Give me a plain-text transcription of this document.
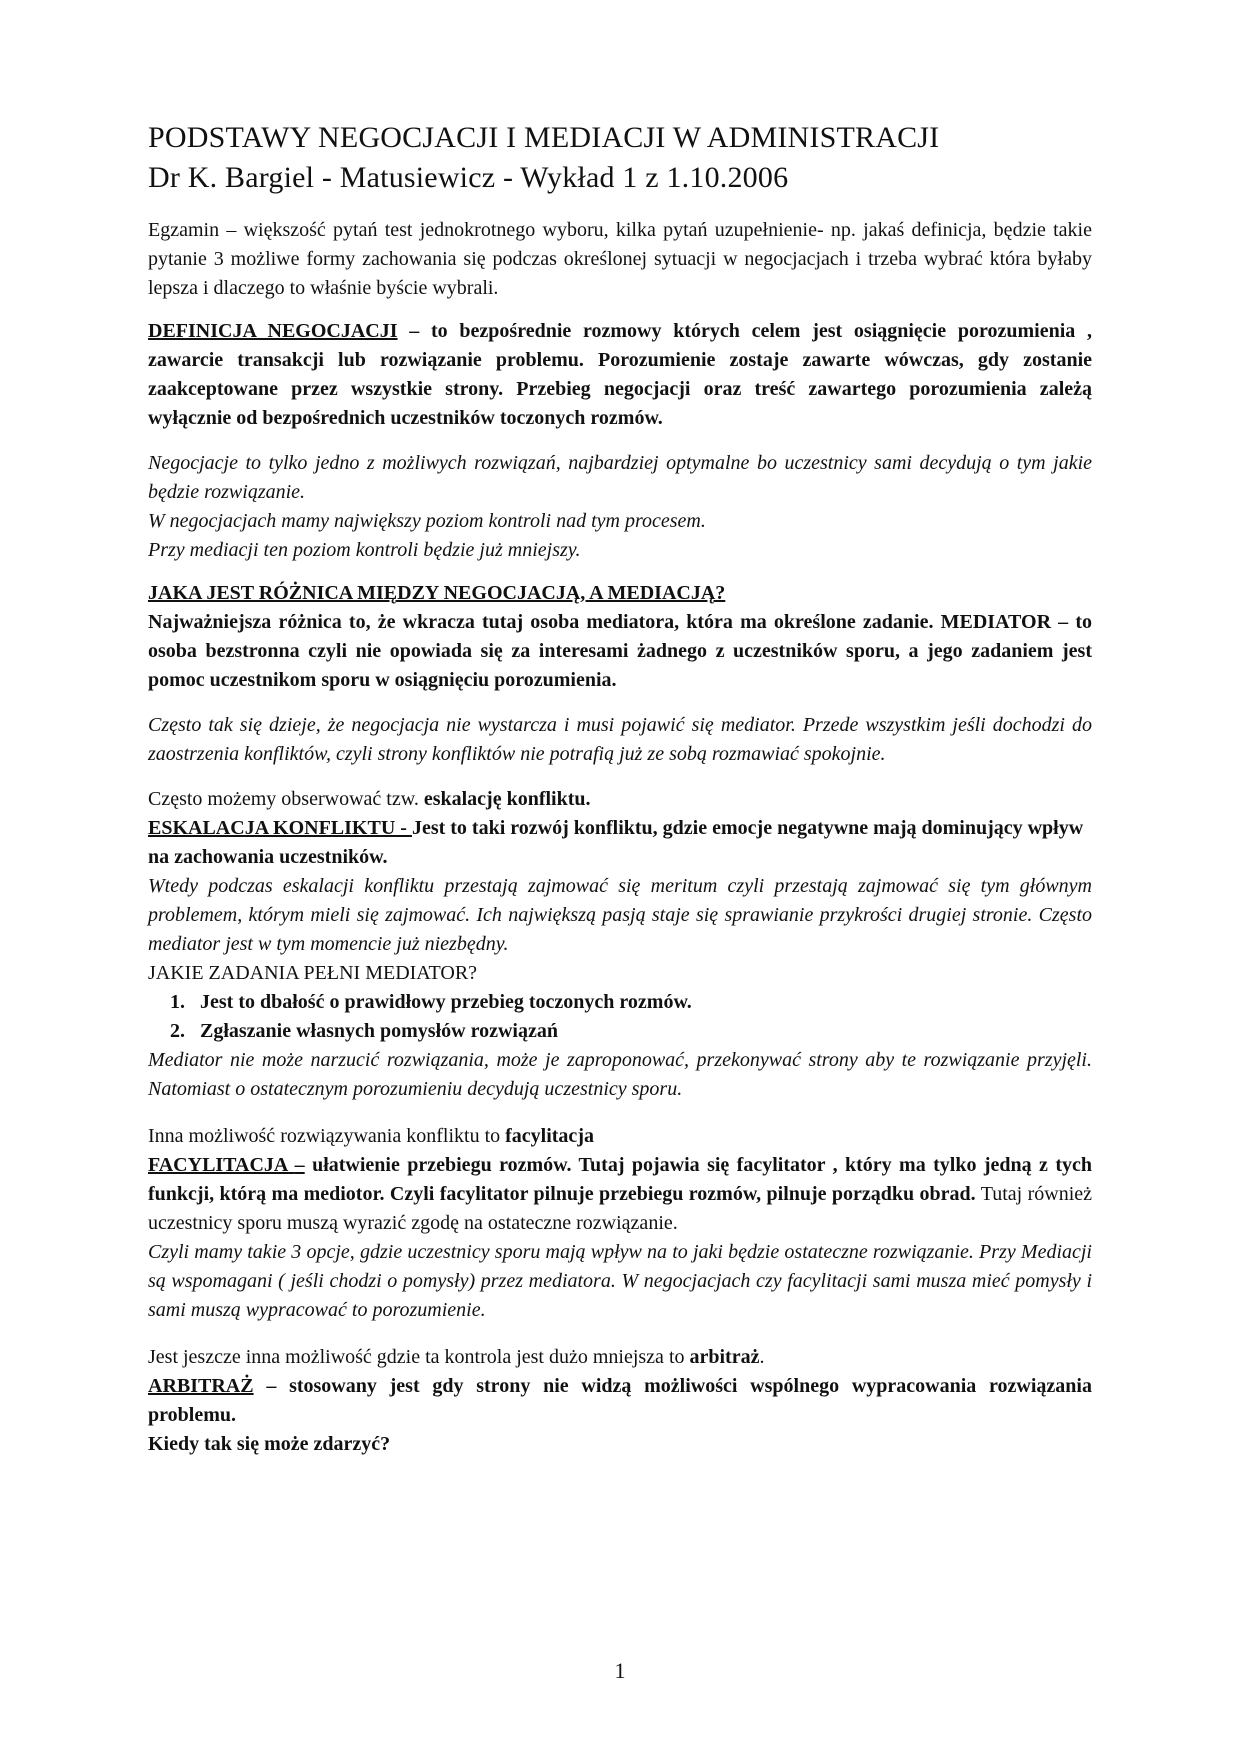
PODSTAWY NEGOCJACJI I MEDIACJI W ADMINISTRACJI
Dr K. Bargiel - Matusiewicz - Wykład 1 z 1.10.2006

Egzamin – większość pytań test jednokrotnego wyboru, kilka pytań uzupełnienie- np. jakaś definicja, będzie takie pytanie 3 możliwe formy zachowania się podczas określonej sytuacji w negocjacjach i trzeba wybrać która byłaby lepsza i dlaczego to właśnie byście wybrali.

DEFINICJA NEGOCJACJI – to bezpośrednie rozmowy których celem jest osiągnięcie porozumienia , zawarcie transakcji lub rozwiązanie problemu. Porozumienie zostaje zawarte wówczas, gdy zostanie zaakceptowane przez wszystkie strony. Przebieg negocjacji oraz treść zawartego porozumienia zależą wyłącznie od bezpośrednich uczestników toczonych rozmów.

Negocjacje to tylko jedno z możliwych rozwiązań, najbardziej optymalne bo uczestnicy sami decydują o tym jakie będzie rozwiązanie.

W negocjacjach mamy największy poziom kontroli nad tym procesem.

Przy mediacji ten poziom kontroli będzie już mniejszy.

JAKA JEST RÓŻNICA MIĘDZY NEGOCJACJĄ, A MEDIACJĄ?

Najważniejsza różnica to, że wkracza tutaj osoba mediatora, która ma określone zadanie. MEDIATOR – to osoba bezstronna czyli nie opowiada się za interesami żadnego z uczestników sporu, a jego zadaniem jest pomoc uczestnikom sporu w osiągnięciu porozumienia.

Często tak się dzieje, że negocjacja nie wystarcza i musi pojawić się mediator. Przede wszystkim jeśli dochodzi do zaostrzenia konfliktów, czyli strony konfliktów nie potrafią już ze sobą rozmawiać spokojnie.

Często możemy obserwować tzw. eskalację konfliktu.

ESKALACJA KONFLIKTU - Jest to taki rozwój konfliktu, gdzie emocje negatywne mają dominujący wpływ na zachowania uczestników.

Wtedy podczas eskalacji konfliktu przestają zajmować się meritum czyli przestają zajmować się tym głównym problemem, którym mieli się zajmować. Ich największą pasją staje się sprawianie przykrości drugiej stronie. Często mediator jest w tym momencie już niezbędny.

JAKIE ZADANIA PEŁNI MEDIATOR?

1. Jest to dbałość o prawidłowy przebieg toczonych rozmów.
2. Zgłaszanie własnych pomysłów rozwiązań

Mediator nie może narzucić rozwiązania, może je zaproponować, przekonywać strony aby te rozwiązanie przyjęli. Natomiast o ostatecznym porozumieniu decydują uczestnicy sporu.

Inna możliwość rozwiązywania konfliktu to facylitacja

FACYLITACJA – ułatwienie przebiegu rozmów. Tutaj pojawia się facylitator , który ma tylko jedną z tych funkcji, którą ma mediotor. Czyli facylitator pilnuje przebiegu rozmów, pilnuje porządku obrad. Tutaj również uczestnicy sporu muszą wyrazić zgodę na ostateczne rozwiązanie.

Czyli mamy takie 3 opcje, gdzie uczestnicy sporu mają wpływ na to jaki będzie ostateczne rozwiązanie. Przy Mediacji są wspomagani ( jeśli chodzi o pomysły) przez mediatora. W negocjacjach czy facylitacji sami musza mieć pomysły i sami muszą wypracować to porozumienie.

Jest jeszcze inna możliwość gdzie ta kontrola jest dużo mniejsza to arbitraż.

ARBITRAŻ – stosowany jest gdy strony nie widzą możliwości wspólnego wypracowania rozwiązania problemu.

Kiedy tak się może zdarzyć?

1
